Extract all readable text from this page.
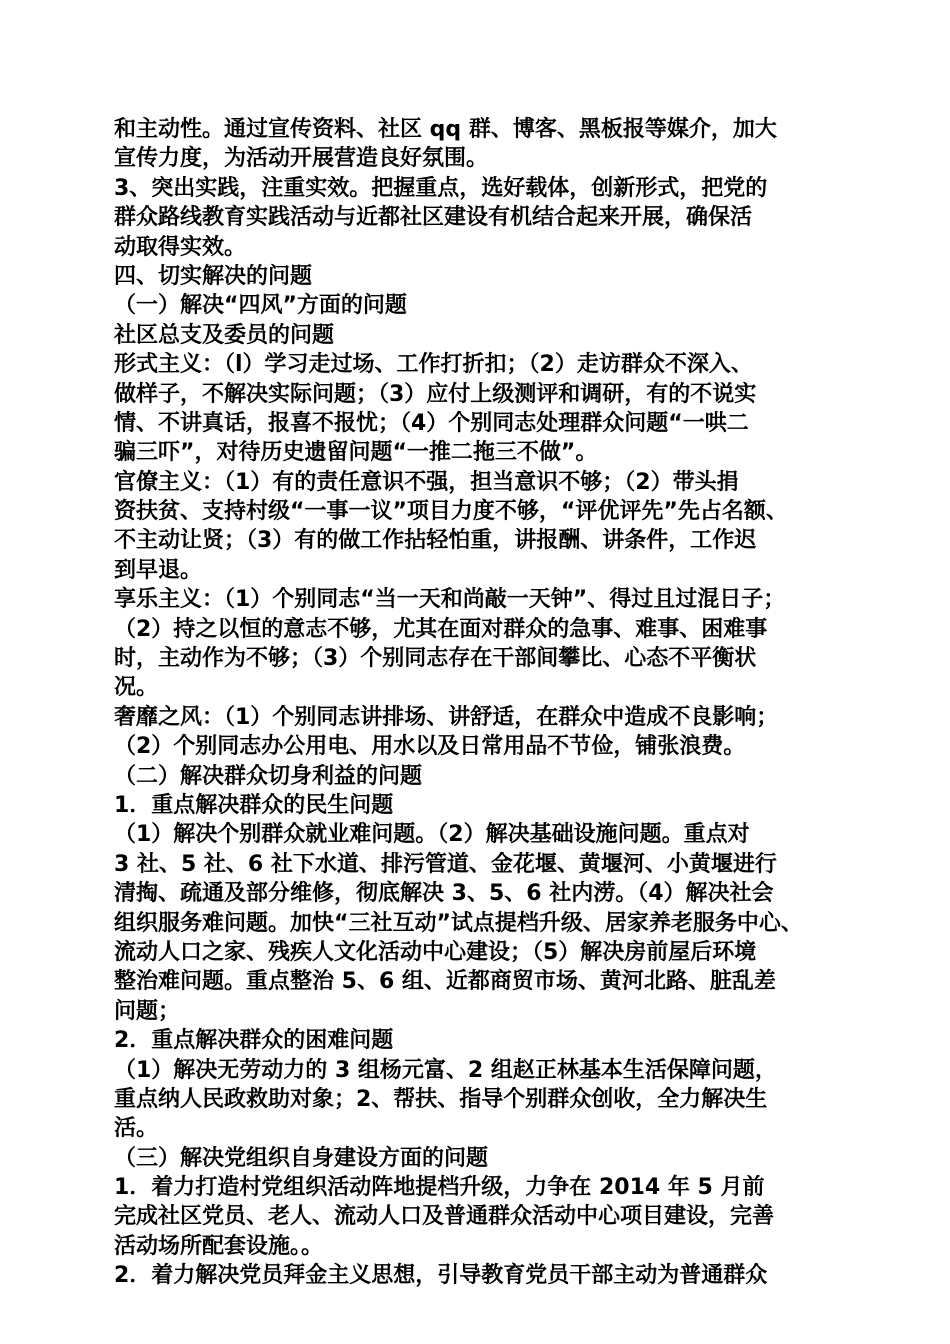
和主动性。通过宣传资料、社区 qq 群、博客、黑板报等媒介，加大
宣传力度，为活动开展营造良好氛围。
3、突出实践，注重实效。把握重点，选好载体，创新形式，把党的
群众路线教育实践活动与近都社区建设有机结合起来开展，确保活
动取得实效。
四、切实解决的问题
（一）解决“四风”方面的问题
社区总支及委员的问题
形式主义：（l）学习走过场、工作打折扣；（2）走访群众不深入、
做样子，不解决实际问题；（3）应付上级测评和调研，有的不说实
情、不讲真话，报喜不报忧；（4）个别同志处理群众问题“一哄二
骗三吓”，对待历史遗留问题“一推二拖三不做”。
官僚主义：（1）有的责任意识不强，担当意识不够；（2）带头捐
资扶贫、支持村级“一事一议”项目力度不够，“评优评先”先占名额、
不主动让贤；（3）有的做工作拈轻怕重，讲报酬、讲条件，工作迟
到早退。
享乐主义：（1）个别同志“当一天和尚敲一天钟”、得过且过混日子；
（2）持之以恒的意志不够，尤其在面对群众的急事、难事、困难事
时，主动作为不够；（3）个别同志存在干部间攀比、心态不平衡状
况。
奢靡之风：（1）个别同志讲排场、讲舒适，在群众中造成不良影响；
（2）个别同志办公用电、用水以及日常用品不节俭，铺张浪费。
（二）解决群众切身利益的问题
1．重点解决群众的民生问题
（1）解决个别群众就业难问题。（2）解决基础设施问题。重点对
3 社、5 社、6 社下水道、排污管道、金花堰、黄堰河、小黄堰进行
清掏、疏通及部分维修，彻底解决 3、5、6 社内涝。（4）解决社会
组织服务难问题。加快“三社互动”试点提档升级、居家养老服务中心、
流动人口之家、残疾人文化活动中心建设；（5）解决房前屋后环境
整治难问题。重点整治 5、6 组、近都商贸市场、黄河北路、脏乱差
问题；
2．重点解决群众的困难问题
（1）解决无劳动力的 3 组杨元富、2 组赵正林基本生活保障问题，
重点纳人民政救助对象；2、帮扶、指导个别群众创收，全力解决生
活。
（三）解决党组织自身建设方面的问题
1．着力打造村党组织活动阵地提档升级，力争在 2014 年 5 月前
完成社区党员、老人、流动人口及普通群众活动中心项目建设，完善
活动场所配套设施。。
2．着力解决党员拜金主义思想，引导教育党员干部主动为普通群众
